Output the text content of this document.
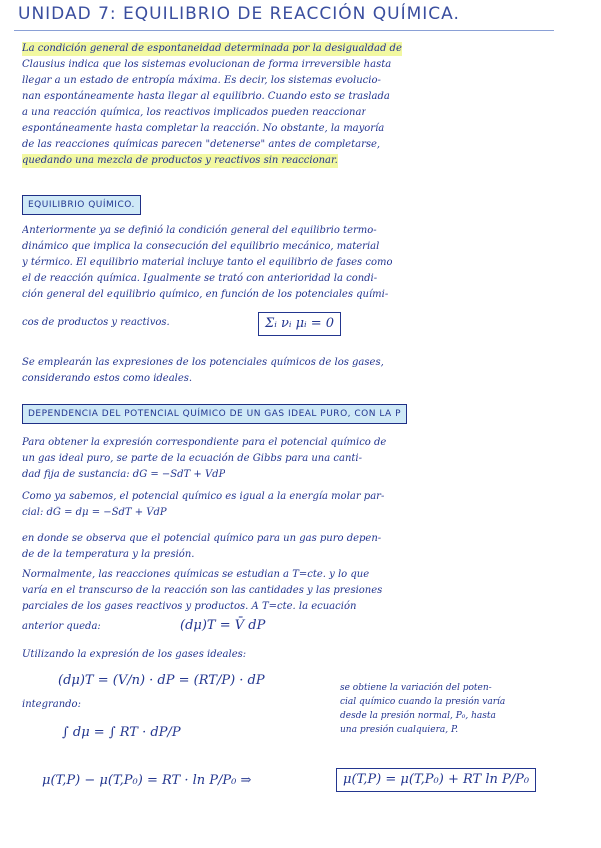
UNIDAD 7: EQUILIBRIO DE REACCIÓN QUÍMICA.
La condición general de espontaneidad determinada por la desigualdad de
Clausius indica que los sistemas evolucionan de forma irreversible hasta
llegar a un estado de entropía máxima. Es decir, los sistemas evolucio-
nan espontáneamente hasta llegar al equilibrio. Cuando esto se traslada
a una reacción química, los reactivos implicados pueden reaccionar
espontáneamente hasta completar la reacción. No obstante, la mayoría
de las reacciones químicas parecen "detenerse" antes de completarse,
quedando una mezcla de productos y reactivos sin reaccionar.
EQUILIBRIO QUÍMICO.
Anteriormente ya se definió la condición general del equilibrio termo-
dinámico que implica la consecución del equilibrio mecánico, material
y térmico. El equilibrio material incluye tanto el equilibrio de fases como
el de reacción química. Igualmente se trató con anterioridad la condi-
ción general del equilibrio químico, en función de los potenciales quími-
cos de productos y reactivos.	Σᵢ νᵢ μᵢ = 0
Se emplearán las expresiones de los potenciales químicos de los gases,
considerando estos como ideales.
DEPENDENCIA DEL POTENCIAL QUÍMICO DE UN GAS IDEAL PURO, CON LA P
Para obtener la expresión correspondiente para el potencial químico de
un gas ideal puro, se parte de la ecuación de Gibbs para una canti-
dad fija de sustancia: dG = −SdT + VdP
Como ya sabemos, el potencial químico es igual a la energía molar par-
cial: dḠ = dμ = −S̄dT + V̄dP
en donde se observa que el potencial químico para un gas puro depen-
de de la temperatura y la presión.
Normalmente, las reacciones químicas se estudian a T=cte. y lo que
varía en el transcurso de la reacción son las cantidades y las presiones
parciales de los gases reactivos y productos. A T=cte. la ecuación
anterior queda:	(dμ)T = V̄ dP
Utilizando la expresión de los gases ideales:
(dμ)T = (V/n) · dP = (RT/P) · dP
integrando:
∫ dμ = ∫ RT · dP/P
se obtiene la variación del poten-
cial químico cuando la presión varía
desde la presión normal, P₀, hasta
una presión cualquiera, P.
μ(T,P) − μ(T,P₀) = RT · ln P/P₀ ⇒	μ(T,P) = μ(T,P₀) + RT ln P/P₀
